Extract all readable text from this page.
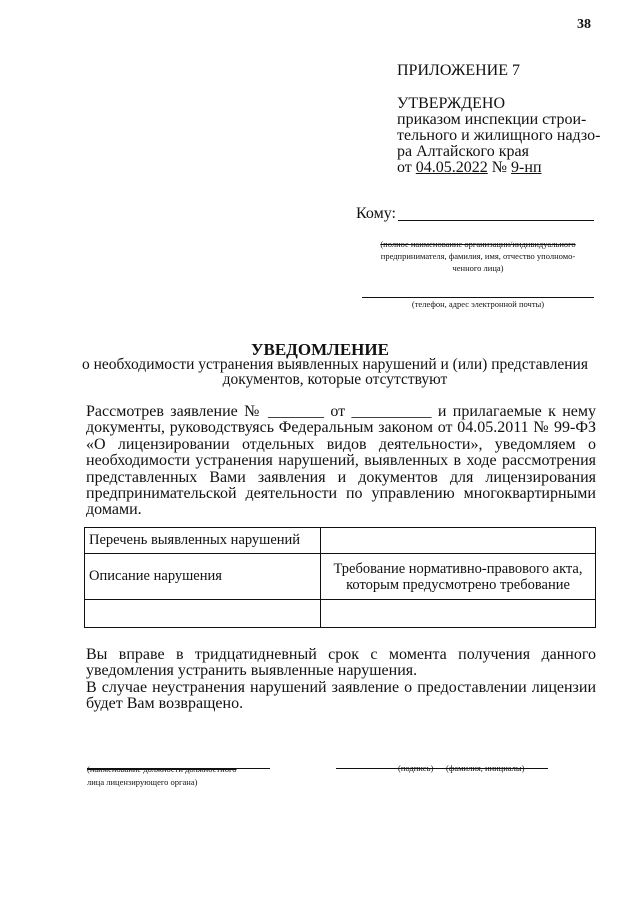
38
ПРИЛОЖЕНИЕ 7
УТВЕРЖДЕНО
приказом инспекции строи-
тельного и жилищного надзо-
ра Алтайского края
от 04.05.2022 № 9-нп
Кому:
(полное наименование организации/индивидуального
предпринимателя, фамилия, имя, отчество уполномо-
ченного лица)
(телефон, адрес электронной почты)
УВЕДОМЛЕНИЕ
о необходимости устранения выявленных нарушений и (или) представления документов, которые отсутствуют

Рассмотрев заявление № _______ от __________ и прилагаемые к нему документы, руководствуясь Федеральным законом от 04.05.2011 № 99-ФЗ «О лицензировании отдельных видов деятельности», уведомляем о необходимости устранения нарушений, выявленных в ходе рассмотрения представленных Вами заявления и документов для лицензирования предпринимательской деятельности по управлению многоквартирными домами.

Перечень выявленных нарушений	
Описание нарушения	Требование нормативно-правового акта, которым предусмотрено требование

Вы вправе в тридцатидневный срок с момента получения данного уведомления устранить выявленные нарушения.

В случае неустранения нарушений заявление о предоставлении лицензии будет Вам возвращено.

(наименование должности должностного
лица лицензирующего органа)
(подпись) (фамилия, инициалы)
